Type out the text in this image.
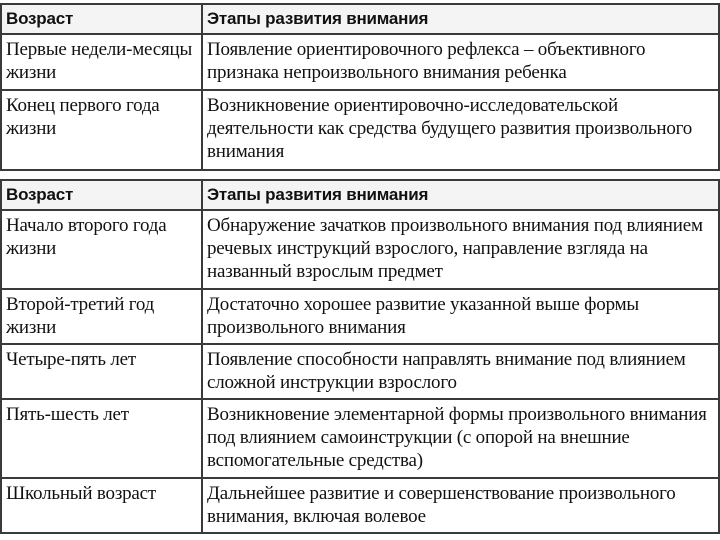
Возраст	Этапы развития внимания
Первые недели-месяцы жизни	Появление ориентировочного рефлекса – объективного признака непроизвольного внимания ребенка
Конец первого года жизни	Возникновение ориентировочно-исследовательской деятельности как средства будущего развития произвольного внимания
Возраст	Этапы развития внимания
Начало второго года жизни	Обнаружение зачатков произвольного внимания под влиянием речевых инструкций взрослого, направление взгляда на названный взрослым предмет
Второй-третий год жизни	Достаточно хорошее развитие указанной выше формы произвольного внимания
Четыре-пять лет	Появление способности направлять внимание под влиянием сложной инструкции взрослого
Пять-шесть лет	Возникновение элементарной формы произвольного внимания под влиянием самоинструкции (с опорой на внешние вспомогательные средства)
Школьный возраст	Дальнейшее развитие и совершенствование произвольного внимания, включая волевое
